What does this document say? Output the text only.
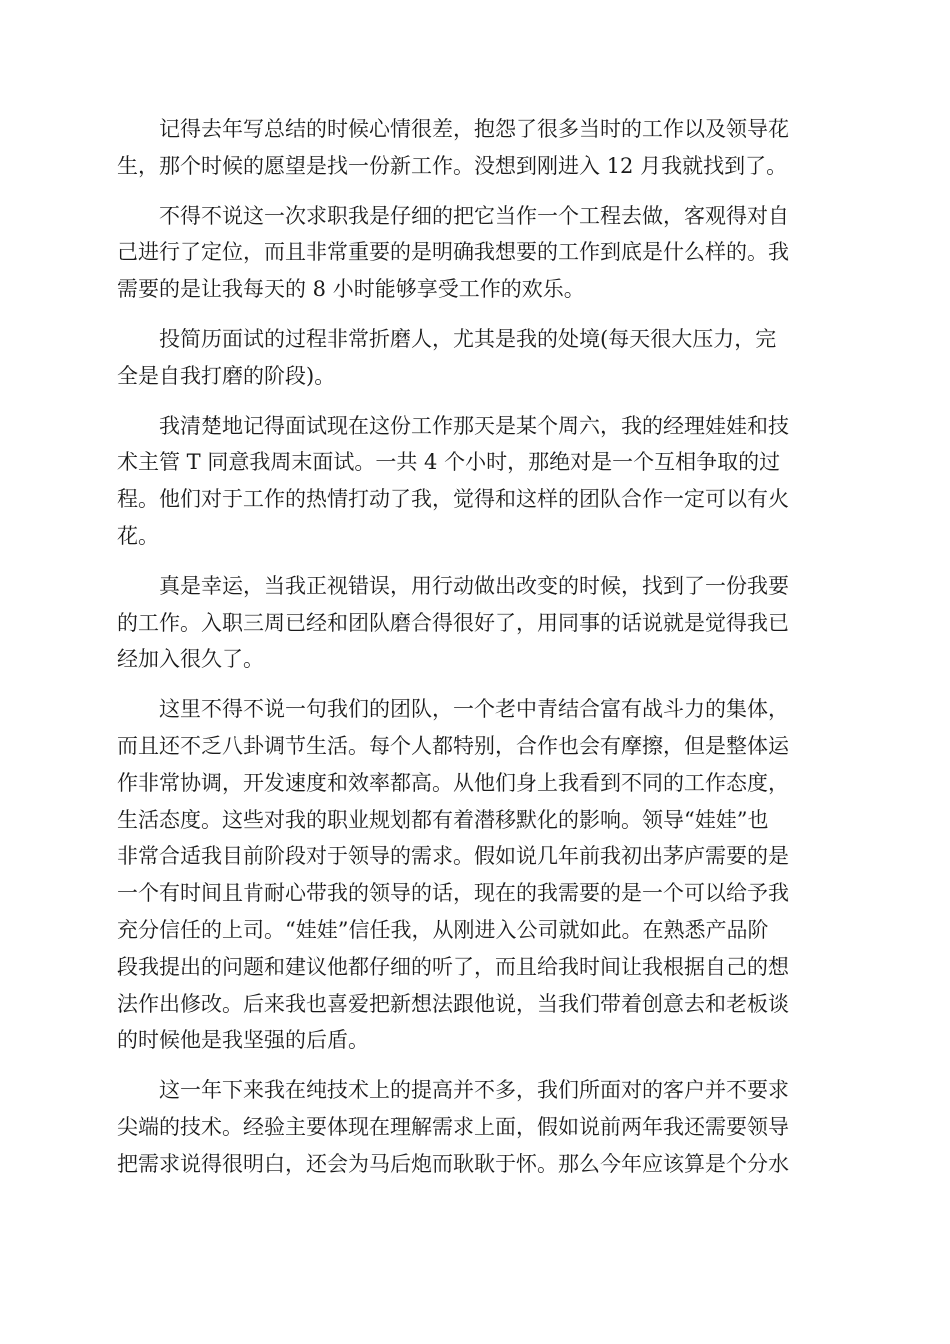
记得去年写总结的时候心情很差，抱怨了很多当时的工作以及领导花
生，那个时候的愿望是找一份新工作。没想到刚进入 12 月我就找到了。
不得不说这一次求职我是仔细的把它当作一个工程去做，客观得对自
己进行了定位，而且非常重要的是明确我想要的工作到底是什么样的。我
需要的是让我每天的 8 小时能够享受工作的欢乐。
投简历面试的过程非常折磨人，尤其是我的处境(每天很大压力，完
全是自我打磨的阶段)。
我清楚地记得面试现在这份工作那天是某个周六，我的经理娃娃和技
术主管 T 同意我周末面试。一共 4 个小时，那绝对是一个互相争取的过
程。他们对于工作的热情打动了我，觉得和这样的团队合作一定可以有火
花。
真是幸运，当我正视错误，用行动做出改变的时候，找到了一份我要
的工作。入职三周已经和团队磨合得很好了，用同事的话说就是觉得我已
经加入很久了。
这里不得不说一句我们的团队，一个老中青结合富有战斗力的集体，
而且还不乏八卦调节生活。每个人都特别，合作也会有摩擦，但是整体运
作非常协调，开发速度和效率都高。从他们身上我看到不同的工作态度，
生活态度。这些对我的职业规划都有着潜移默化的影响。领导“娃娃”也
非常合适我目前阶段对于领导的需求。假如说几年前我初出茅庐需要的是
一个有时间且肯耐心带我的领导的话，现在的我需要的是一个可以给予我
充分信任的上司。“娃娃”信任我，从刚进入公司就如此。在熟悉产品阶
段我提出的问题和建议他都仔细的听了，而且给我时间让我根据自己的想
法作出修改。后来我也喜爱把新想法跟他说，当我们带着创意去和老板谈
的时候他是我坚强的后盾。
这一年下来我在纯技术上的提高并不多，我们所面对的客户并不要求
尖端的技术。经验主要体现在理解需求上面，假如说前两年我还需要领导
把需求说得很明白，还会为马后炮而耿耿于怀。那么今年应该算是个分水
